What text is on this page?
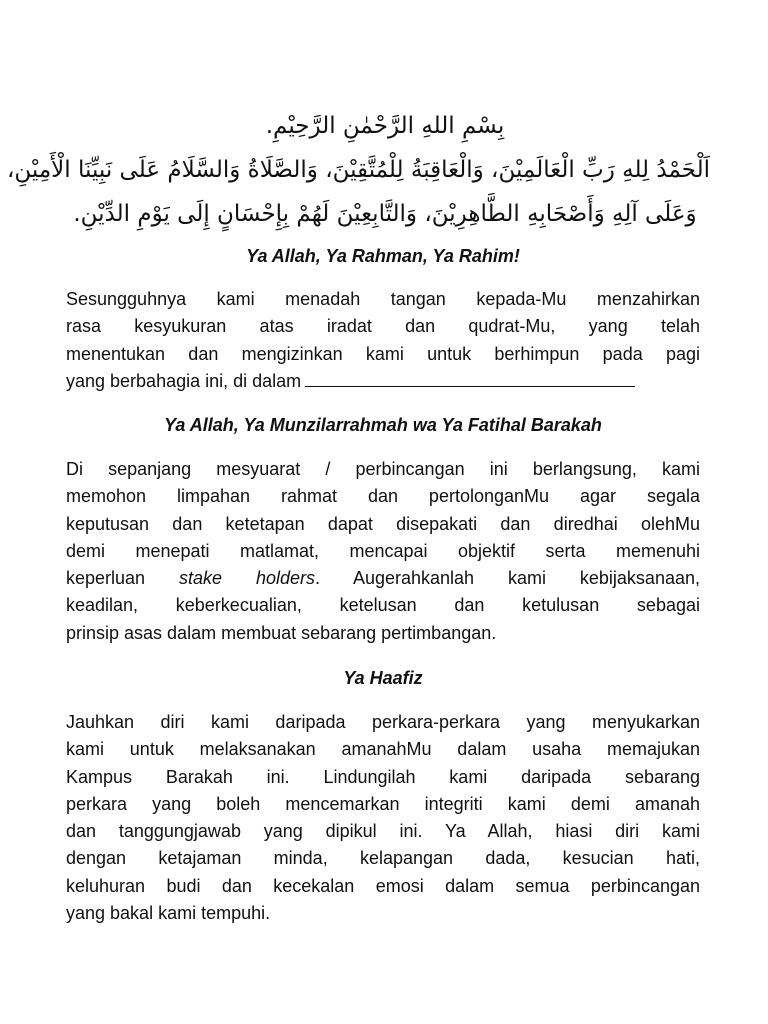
بِسْمِ اللهِ الرَّحْمٰنِ الرَّحِيْمِ.
اَلْحَمْدُ لِلهِ رَبِّ الْعَالَمِيْنَ، وَالْعَاقِبَةُ لِلْمُتَّقِيْنَ، وَالصَّلَاةُ وَالسَّلَامُ عَلَى نَبِيِّنَا الْأَمِيْنِ،
وَعَلَى آلِهِ وَأَصْحَابِهِ الطَّاهِرِيْنَ، وَالتَّابِعِيْنَ لَهُمْ بِإِحْسَانٍ إِلَى يَوْمِ الدِّيْنِ.
Ya Allah, Ya Rahman, Ya Rahim!
Sesungguhnya kami menadah tangan kepada-Mu menzahirkan
rasa kesyukuran atas iradat dan qudrat-Mu, yang telah
menentukan dan mengizinkan kami untuk berhimpun pada pagi
yang berbahagia ini, di dalam
Ya Allah, Ya Munzilarrahmah wa Ya Fatihal Barakah
Di sepanjang mesyuarat / perbincangan ini berlangsung, kami
memohon limpahan rahmat dan pertolonganMu agar segala
keputusan dan ketetapan dapat disepakati dan diredhai olehMu
demi menepati matlamat, mencapai objektif serta memenuhi
keperluan stake holders. Augerahkanlah kami kebijaksanaan,
keadilan, keberkecualian, ketelusan dan ketulusan sebagai
prinsip asas dalam membuat sebarang pertimbangan.
Ya Haafiz
Jauhkan diri kami daripada perkara-perkara yang menyukarkan
kami untuk melaksanakan amanahMu dalam usaha memajukan
Kampus Barakah ini. Lindungilah kami daripada sebarang
perkara yang boleh mencemarkan integriti kami demi amanah
dan tanggungjawab yang dipikul ini. Ya Allah, hiasi diri kami
dengan ketajaman minda, kelapangan dada, kesucian hati,
keluhuran budi dan kecekalan emosi dalam semua perbincangan
yang bakal kami tempuhi.
